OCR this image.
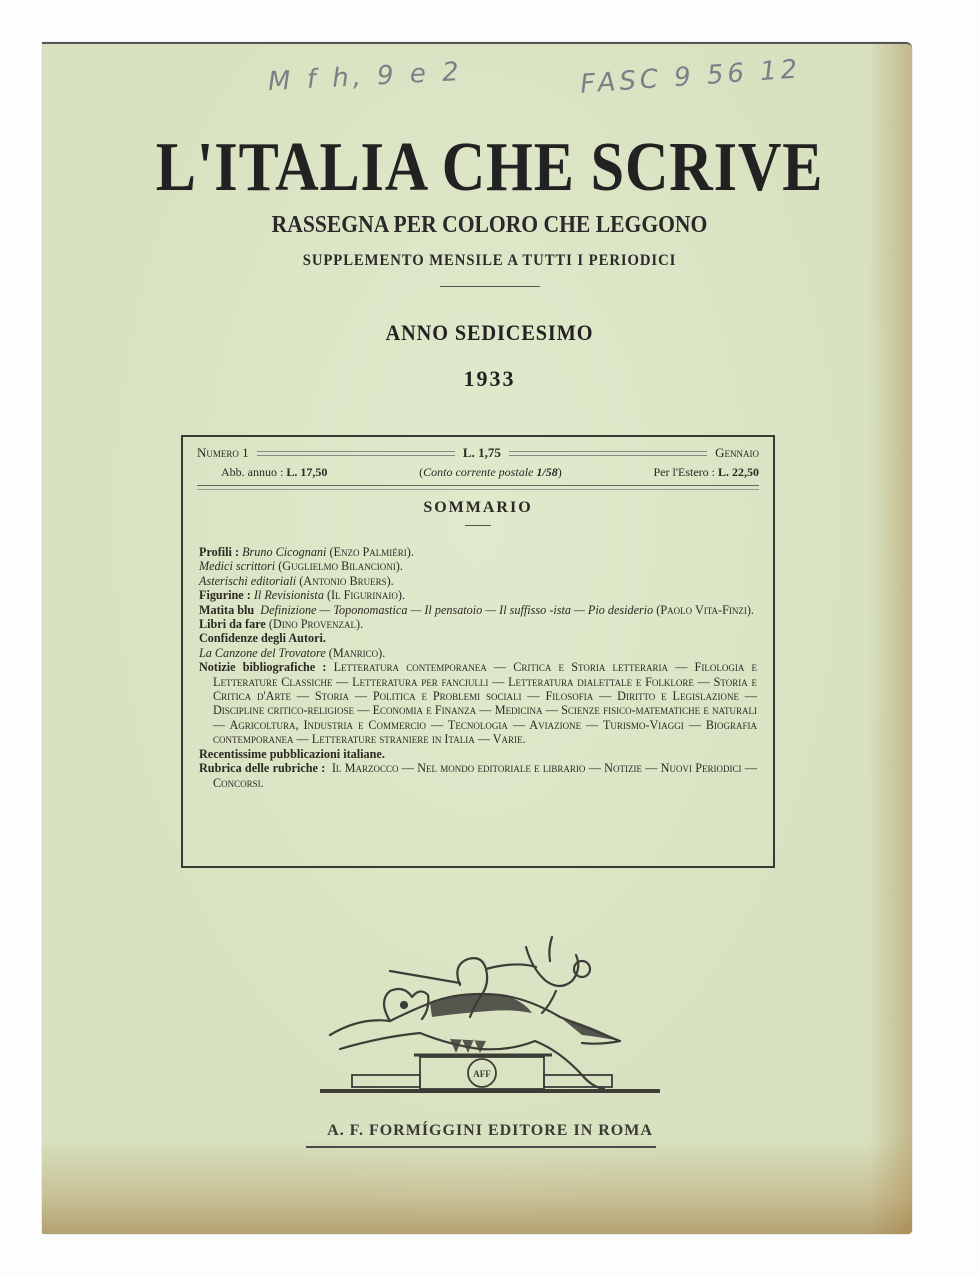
M f h, 9 e 2	FASC 9 56 12
L'ITALIA CHE SCRIVE
RASSEGNA PER COLORO CHE LEGGONO
SUPPLEMENTO MENSILE A TUTTI I PERIODICI
ANNO SEDICESIMO
1933
Numero 1	L. 1,75	Gennaio
Abb. annuo : L. 17,50	(Conto corrente postale 1/58)	Per l'Estero : L. 22,50
SOMMARIO
Profili : Bruno Cicognani (Enzo Palmiéri).
Medici scrittori (Guglielmo Bilancioni).
Asterischi editoriali (Antonio Bruers).
Figurine : Il Revisionista (Il Figurinaio).
Matita blu Definizione — Toponomastica — Il pensatoio — Il suffisso -ista — Pio desiderio (Paolo Vita-Finzi).
Libri da fare (Dino Provenzal).
Confidenze degli Autori.
La Canzone del Trovatore (Manrico).
Notizie bibliografiche : Letteratura contemporanea — Critica e Storia letteraria — Filologia e Letterature Classiche — Letteratura per fanciulli — Letteratura dialettale e Folklore — Storia e Critica d'Arte — Storia — Politica e Problemi sociali — Filosofia — Diritto e Legislazione — Discipline critico-religiose — Economia e Finanza — Medicina — Scienze fisico-matematiche e naturali — Agricoltura, Industria e Commercio — Tecnologia — Aviazione — Turismo-Viaggi — Biografia contemporanea — Letterature straniere in Italia — Varie.
Recentissime pubblicazioni italiane.
Rubrica delle rubriche : Il Marzocco — Nel mondo editoriale e librario — Notizie — Nuovi Periodici — Concorsi.
AFF
A. F. FORMÍGGINI EDITORE IN ROMA
